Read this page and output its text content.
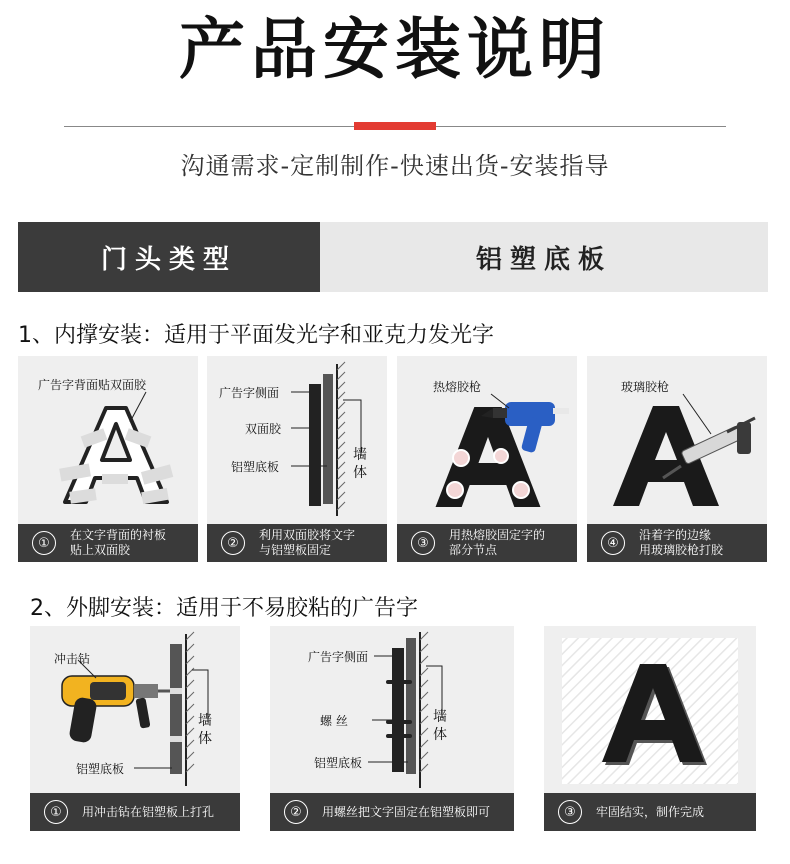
产品安装说明
沟通需求-定制制作-快速出货-安装指导
门头类型	铝塑底板
1、内撑安装：适用于平面发光字和亚克力发光字
广告字背面贴双面胶
①
在文字背面的衬板
贴上双面胶
广告字侧面
双面胶
铝塑底板
墙体
②
利用双面胶将文字
与铝塑板固定
热熔胶枪
③
用热熔胶固定字的
部分节点
玻璃胶枪
④
沿着字的边缘
用玻璃胶枪打胶
2、外脚安装：适用于不易胶粘的广告字
冲击钻
铝塑底板
墙体
①	用冲击钻在铝塑板上打孔
广告字侧面
螺 丝
铝塑底板
墙体
②	用螺丝把文字固定在铝塑板即可	③	牢固结实，制作完成
